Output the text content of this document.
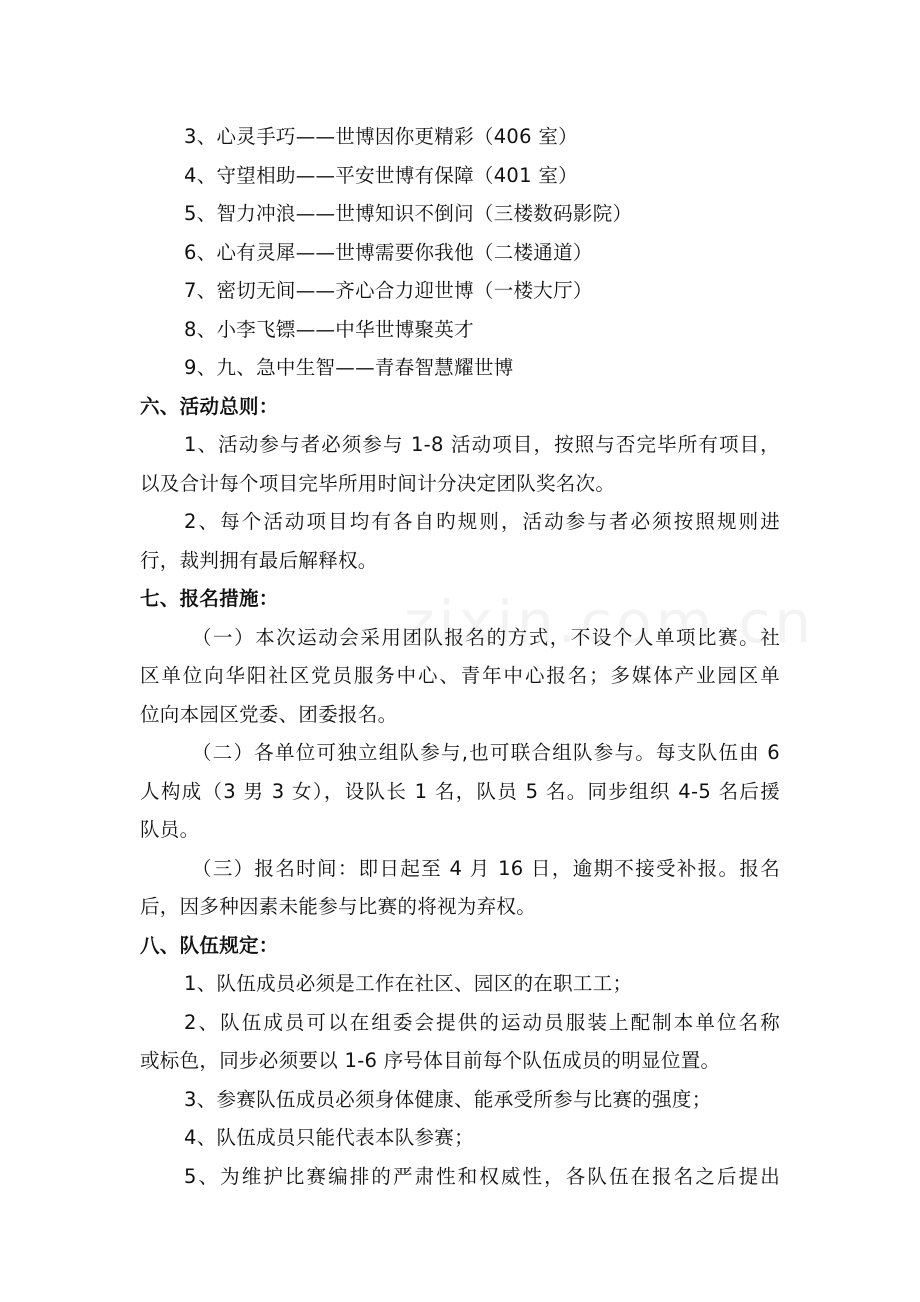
3、心灵手巧——世博因你更精彩（406 室）
4、守望相助——平安世博有保障（401 室）
5、智力冲浪——世博知识不倒问（三楼数码影院）
6、心有灵犀——世博需要你我他（二楼通道）
7、密切无间——齐心合力迎世博（一楼大厅）
8、小李飞镖——中华世博聚英才
9、九、急中生智——青春智慧耀世博
六、活动总则：
1、活动参与者必须参与 1-8 活动项目，按照与否完毕所有项目，
以及合计每个项目完毕所用时间计分决定团队奖名次。
2、每个活动项目均有各自旳规则，活动参与者必须按照规则进
行，裁判拥有最后解释权。
七、报名措施：
（一）本次运动会采用团队报名的方式，不设个人单项比赛。社
区单位向华阳社区党员服务中心、青年中心报名；多媒体产业园区单
位向本园区党委、团委报名。
（二）各单位可独立组队参与,也可联合组队参与。每支队伍由 6
人构成（3 男 3 女），设队长 1 名，队员 5 名。同步组织 4-5 名后援
队员。
（三）报名时间：即日起至 4 月 16 日，逾期不接受补报。报名
后，因多种因素未能参与比赛的将视为弃权。
八、队伍规定：
1、队伍成员必须是工作在社区、园区的在职工工；
2、队伍成员可以在组委会提供的运动员服装上配制本单位名称
或标色，同步必须要以 1-6 序号体目前每个队伍成员的明显位置。
3、参赛队伍成员必须身体健康、能承受所参与比赛的强度；
4、队伍成员只能代表本队参赛；
5、为维护比赛编排的严肃性和权威性，各队伍在报名之后提出
